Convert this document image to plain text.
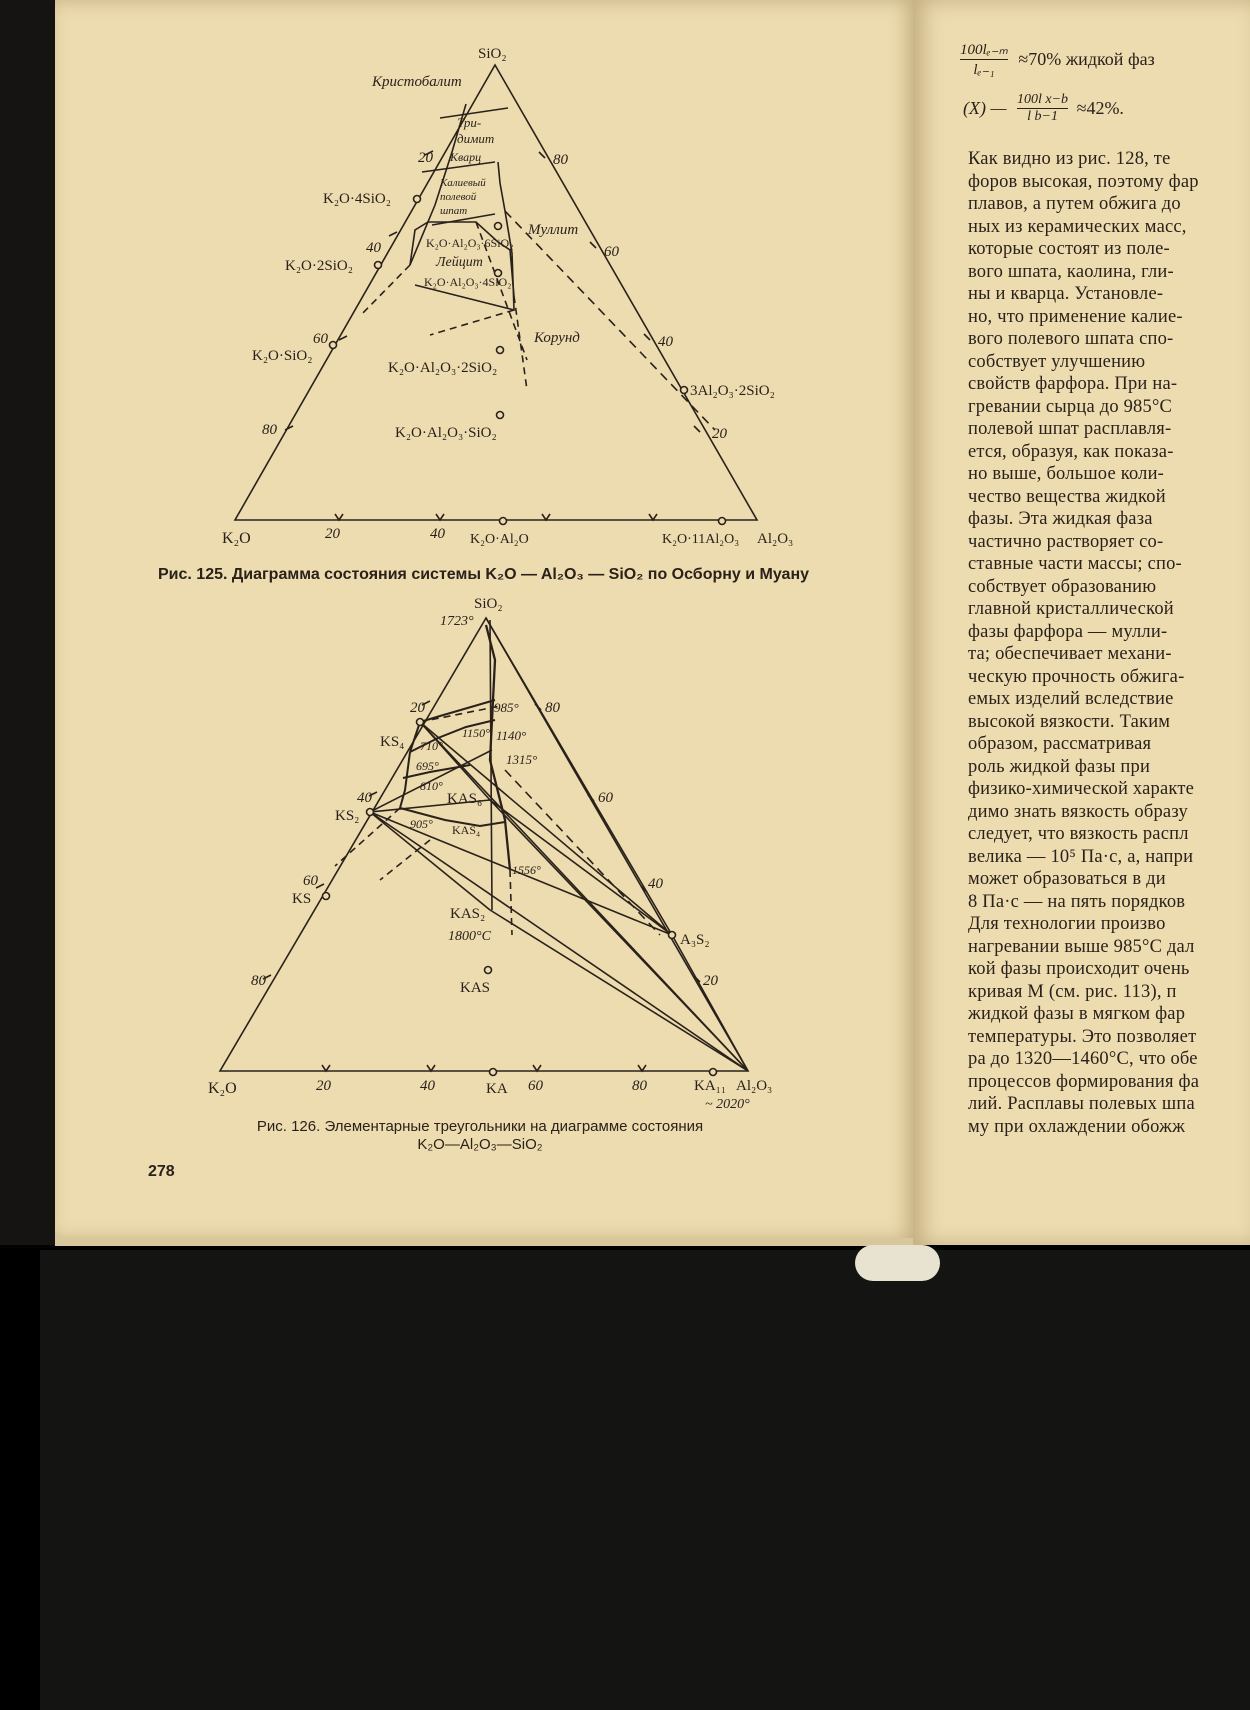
SiO₂
K₂O	Al₂O₃
20	40 K₂O·Al₂O	K₂O·11Al₂O₃
20
40
60
80
80
60
40
20
K₂O·4SiO₂
K₂O·2SiO₂
K₂O·SiO₂
K₂O·Al₂O₃·2SiO₂
K₂O·Al₂O₃·SiO₂
3Al₂O₃·2SiO₂
Кристобалит
Три-
димит
Кварц
Калиевый
полевой
шпат
K₂O·Al₂O₃·6SiO₂
Лейцит
K₂O·Al₂O₃·4SiO₂
Муллит
Корунд
SiO₂
1723°
K₂O	Al₂O₃
~ 2020°
20	40	KA 60	80	KA₁₁
20
40
60
80
80
60
40
20
KS₄
KS₂
KS
KAS₆
KAS₄
KAS₂
KAS
A₃S₂
985°
1150° 1140°
710°
695°	1315°
810°
905°
1556°
1800°C
Рис. 125. Диаграмма состояния системы K₂O — Al₂O₃ — SiO₂ по Осборну и Муану
Рис. 126. Элементарные треугольники на диаграмме состояния
K₂O—Al₂O₃—SiO₂
278
$\frac{\text{100lₑ₋ₘ}}{\text{lₑ₋₁}} \approx 70\%$ жидкой фаз
(X) — $\frac{\text{100l x−b}}{\text{l b−1}} \approx 42\%$.
Как видно из рис. 128, те
форов высокая, поэтому фар
плавов, а путем обжига до
ных из керамических масс,
которые состоят из поле-
вого шпата, каолина, гли-
ны и кварца. Установле-
но, что применение калие-
вого полевого шпата спо-
собствует улучшению
свойств фарфора. При на-
гревании сырца до 985°С
полевой шпат расплавля-
ется, образуя, как показа-
но выше, большое коли-
чество вещества жидкой
фазы. Эта жидкая фаза
частично растворяет со-
ставные части массы; спо-
собствует образованию
главной кристаллической
фазы фарфора — мулли-
та; обеспечивает механи-
ческую прочность обжига-
емых изделий вследствие
высокой вязкости. Таким
образом, рассматривая
роль жидкой фазы при
физико-химической характе
димо знать вязкость образу
следует, что вязкость распл
велика — 10⁵ Па·с, а, напри
может образоваться в ди
8 Па·с — на пять порядков
Для технологии произво
нагревании выше 985°С дал
кой фазы происходит очень
кривая М (см. рис. 113), п
жидкой фазы в мягком фар
температуры. Это позволяет
ра до 1320—1460°С, что обе
процессов формирования фа
лий. Расплавы полевых шпа
му при охлаждении обожж
